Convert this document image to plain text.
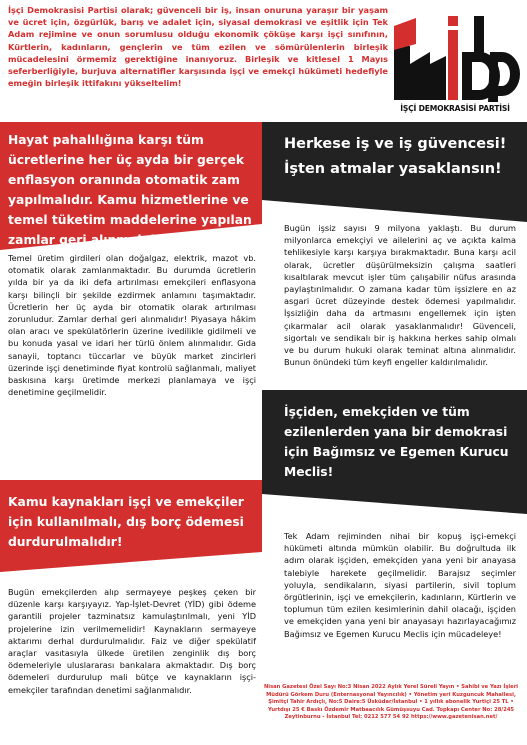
İşçi Demokrasisi Partisi olarak; güvenceli bir iş, insan onuruna yaraşır bir yaşam ve ücret için, özgürlük, barış ve adalet için, siyasal demokrasi ve eşitlik için Tek Adam rejimine ve onun sorumlusu olduğu ekonomik çöküşe karşı işçi sınıfının, Kürtlerin, kadınların, gençlerin ve tüm ezilen ve sömürülenlerin birleşik mücadelesini örmemiz gerektiğine inanıyoruz. Birleşik ve kitlesel 1 Mayıs seferberliğiyle, burjuva alternatifler karşısında işçi ve emekçi hükümeti hedefiyle emeğin birleşik ittifakını yükseltelim!
İŞÇİ DEMOKRASİSİ PARTİSİ
Hayat pahalılığına karşı tüm ücretlerine her üç ayda bir gerçek enflasyon oranında otomatik zam yapılmalıdır. Kamu hizmetlerine ve temel tüketim maddelerine yapılan zamlar geri alınmalıdır.
Temel üretim girdileri olan doğalgaz, elektrik, mazot vb. otomatik olarak zamlanmaktadır. Bu durumda ücretlerin yılda bir ya da iki defa artırılması emekçileri enflasyona karşı bilinçli bir şekilde ezdirmek anlamını taşımaktadır. Ücretlerin her üç ayda bir otomatik olarak artırılması zorunludur. Zamlar derhal geri alınmalıdır! Piyasaya hâkim olan aracı ve spekülatörlerin üzerine ivedilikle gidilmeli ve bu konuda yasal ve idari her türlü önlem alınmalıdır. Gıda sanayii, toptancı tüccarlar ve büyük market zincirleri üzerinde işçi denetiminde fiyat kontrolü sağlanmalı, maliyet baskısına karşı üretimde merkezi planlamaya ve işçi denetimine geçilmelidir.
Kamu kaynakları işçi ve emekçiler için kullanılmalı, dış borç ödemesi durdurulmalıdır!
Bugün emekçilerden alıp sermayeye peşkeş çeken bir düzenle karşı karşıyayız. Yap-İşlet-Devret (YİD) gibi ödeme garantili projeler tazminatsız kamulaştırılmalı, yeni YİD projelerine izin verilmemelidir! Kaynakların sermayeye aktarımı derhal durdurulmalıdır. Faiz ve diğer spekülatif araçlar vasıtasıyla ülkede üretilen zenginlik dış borç ödemeleriyle uluslararası bankalara akmaktadır. Dış borç ödemeleri durdurulup mali bütçe ve kaynakların işçi-emekçiler tarafından denetimi sağlanmalıdır.
Herkese iş ve iş güvencesi! İşten atmalar yasaklansın!
Bugün işsiz sayısı 9 milyona yaklaştı. Bu durum milyonlarca emekçiyi ve ailelerini aç ve açıkta kalma tehlikesiyle karşı karşıya bırakmaktadır. Buna karşı acil olarak, ücretler düşürülmeksizin çalışma saatleri kısaltılarak mevcut işler tüm çalışabilir nüfus arasında paylaştırılmalıdır. O zamana kadar tüm işsizlere en az asgari ücret düzeyinde destek ödemesi yapılmalıdır. İşsizliğin daha da artmasını engellemek için işten çıkarmalar acil olarak yasaklanmalıdır! Güvenceli, sigortalı ve sendikalı bir iş hakkına herkes sahip olmalı ve bu durum hukuki olarak teminat altına alınmalıdır. Bunun önündeki tüm keyfi engeller kaldırılmalıdır.
İşçiden, emekçiden ve tüm ezilenlerden yana bir demokrasi için Bağımsız ve Egemen Kurucu Meclis!
Tek Adam rejiminden nihai bir kopuş işçi-emekçi hükümeti altında mümkün olabilir. Bu doğrultuda ilk adım olarak işçiden, emekçiden yana yeni bir anayasa talebiyle harekete geçilmelidir. Barajsız seçimler yoluyla, sendikaların, siyasi partilerin, sivil toplum örgütlerinin, işçi ve emekçilerin, kadınların, Kürtlerin ve toplumun tüm ezilen kesimlerinin dahil olacağı, işçiden ve emekçiden yana yeni bir anayasayı hazırlayacağımız Bağımsız ve Egemen Kurucu Meclis için mücadeleye!
Nisan Gazetesi Özel Sayı No:3 Nisan 2022 Aylık Yerel Süreli Yayın • Sahibi ve Yazı İşleri Müdürü Görkem Duru (Enternasyonal Yayıncılık) • Yönetim yeri Kuzguncuk Mahallesi, Şimitçi Tahir Ardıçlı, No:5 Daire:5 Üsküdar/İstanbul • 1 yıllık abonelik Yurtiçi 25 TL • Yurtdışı 25 € Baskı Özdemir Matbaacılık Gümüşsuyu Cad. Topkapı Center No: 28/245 Zeytinburnu - İstanbul Tel: 0212 577 54 92 https://www.gazetenisan.net/
